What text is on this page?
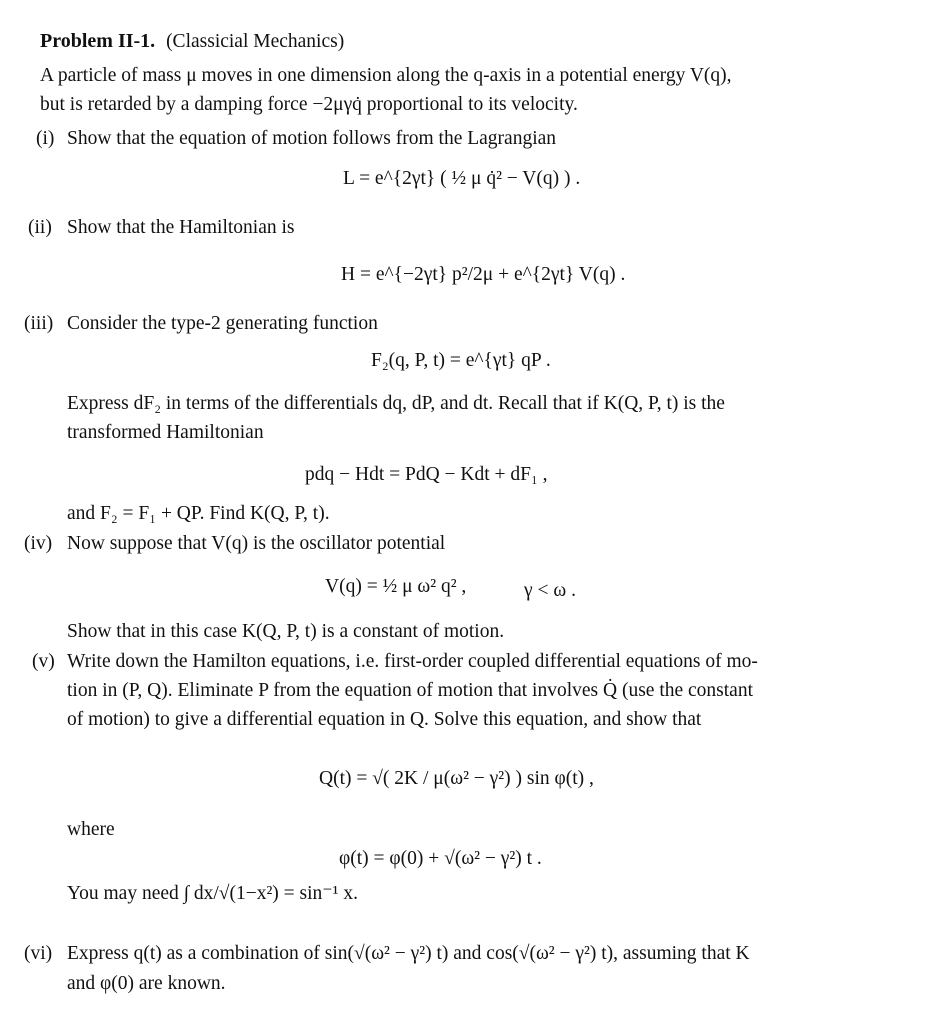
Problem II-1. (Classicial Mechanics)
A particle of mass μ moves in one dimension along the q-axis in a potential energy V(q),
but is retarded by a damping force −2μγq̇ proportional to its velocity.
(i) Show that the equation of motion follows from the Lagrangian
L = e^{2γt} ( ½ μ q̇² − V(q) ) .
(ii) Show that the Hamiltonian is
H = e^{−2γt} p²/2μ + e^{2γt} V(q) .
(iii) Consider the type-2 generating function
F₂(q, P, t) = e^{γt} qP .
Express dF₂ in terms of the differentials dq, dP, and dt. Recall that if K(Q, P, t) is the
transformed Hamiltonian
pdq − Hdt = PdQ − Kdt + dF₁ ,
and F₂ = F₁ + QP. Find K(Q, P, t).
(iv) Now suppose that V(q) is the oscillator potential
V(q) = ½ μ ω² q² ,	γ < ω .
Show that in this case K(Q, P, t) is a constant of motion.
(v) Write down the Hamilton equations, i.e. first-order coupled differential equations of mo-
tion in (P, Q). Eliminate P from the equation of motion that involves Q̇ (use the constant
of motion) to give a differential equation in Q. Solve this equation, and show that
Q(t) = √( 2K / μ(ω² − γ²) ) sin φ(t) ,
where
φ(t) = φ(0) + √(ω² − γ²) t .
You may need ∫ dx/√(1−x²) = sin⁻¹ x.
(vi) Express q(t) as a combination of sin(√(ω² − γ²) t) and cos(√(ω² − γ²) t), assuming that K
and φ(0) are known.
